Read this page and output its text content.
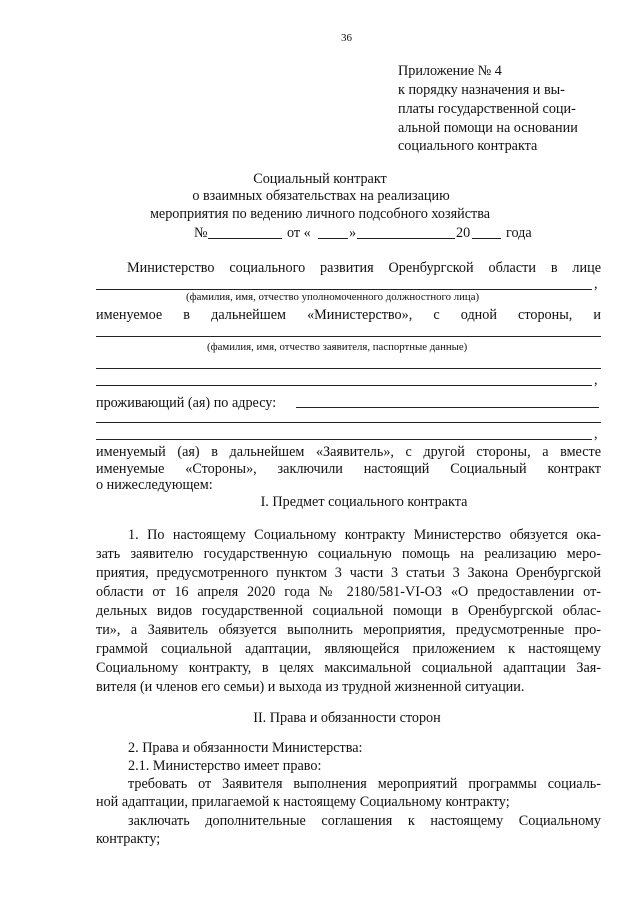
36
Приложение № 4
к порядку назначения и вы-
платы государственной соци-
альной помощи на основании
социального контракта
Социальный контракт
о взаимных обязательствах на реализацию
мероприятия по ведению личного подсобного хозяйства
№	от «	»	20	года
Министерство социального развития Оренбургской области в лице
,
(фамилия, имя, отчество уполномоченного должностного лица)
именуемое в дальнейшем «Министерство», с одной стороны, и
(фамилия, имя, отчество заявителя, паспортные данные)
,
проживающий (ая) по адресу:
,
именуемый (ая) в дальнейшем «Заявитель», с другой стороны, а вместе
именуемые «Стороны», заключили настоящий Социальный контракт
о нижеследующем:
I. Предмет социального контракта
1. По настоящему Социальному контракту Министерство обязуется ока-
зать заявителю государственную социальную помощь на реализацию меро-
приятия, предусмотренного пунктом 3 части 3 статьи 3 Закона Оренбургской
области от 16 апреля 2020 года № 2180/581-VI-ОЗ «О предоставлении от-
дельных видов государственной социальной помощи в Оренбургской облас-
ти», а Заявитель обязуется выполнить мероприятия, предусмотренные про-
граммой социальной адаптации, являющейся приложением к настоящему
Социальному контракту, в целях максимальной социальной адаптации Зая-
вителя (и членов его семьи) и выхода из трудной жизненной ситуации.
II. Права и обязанности сторон
2. Права и обязанности Министерства:
2.1. Министерство имеет право:
требовать от Заявителя выполнения мероприятий программы социаль-
ной адаптации, прилагаемой к настоящему Социальному контракту;
заключать дополнительные соглашения к настоящему Социальному
контракту;
